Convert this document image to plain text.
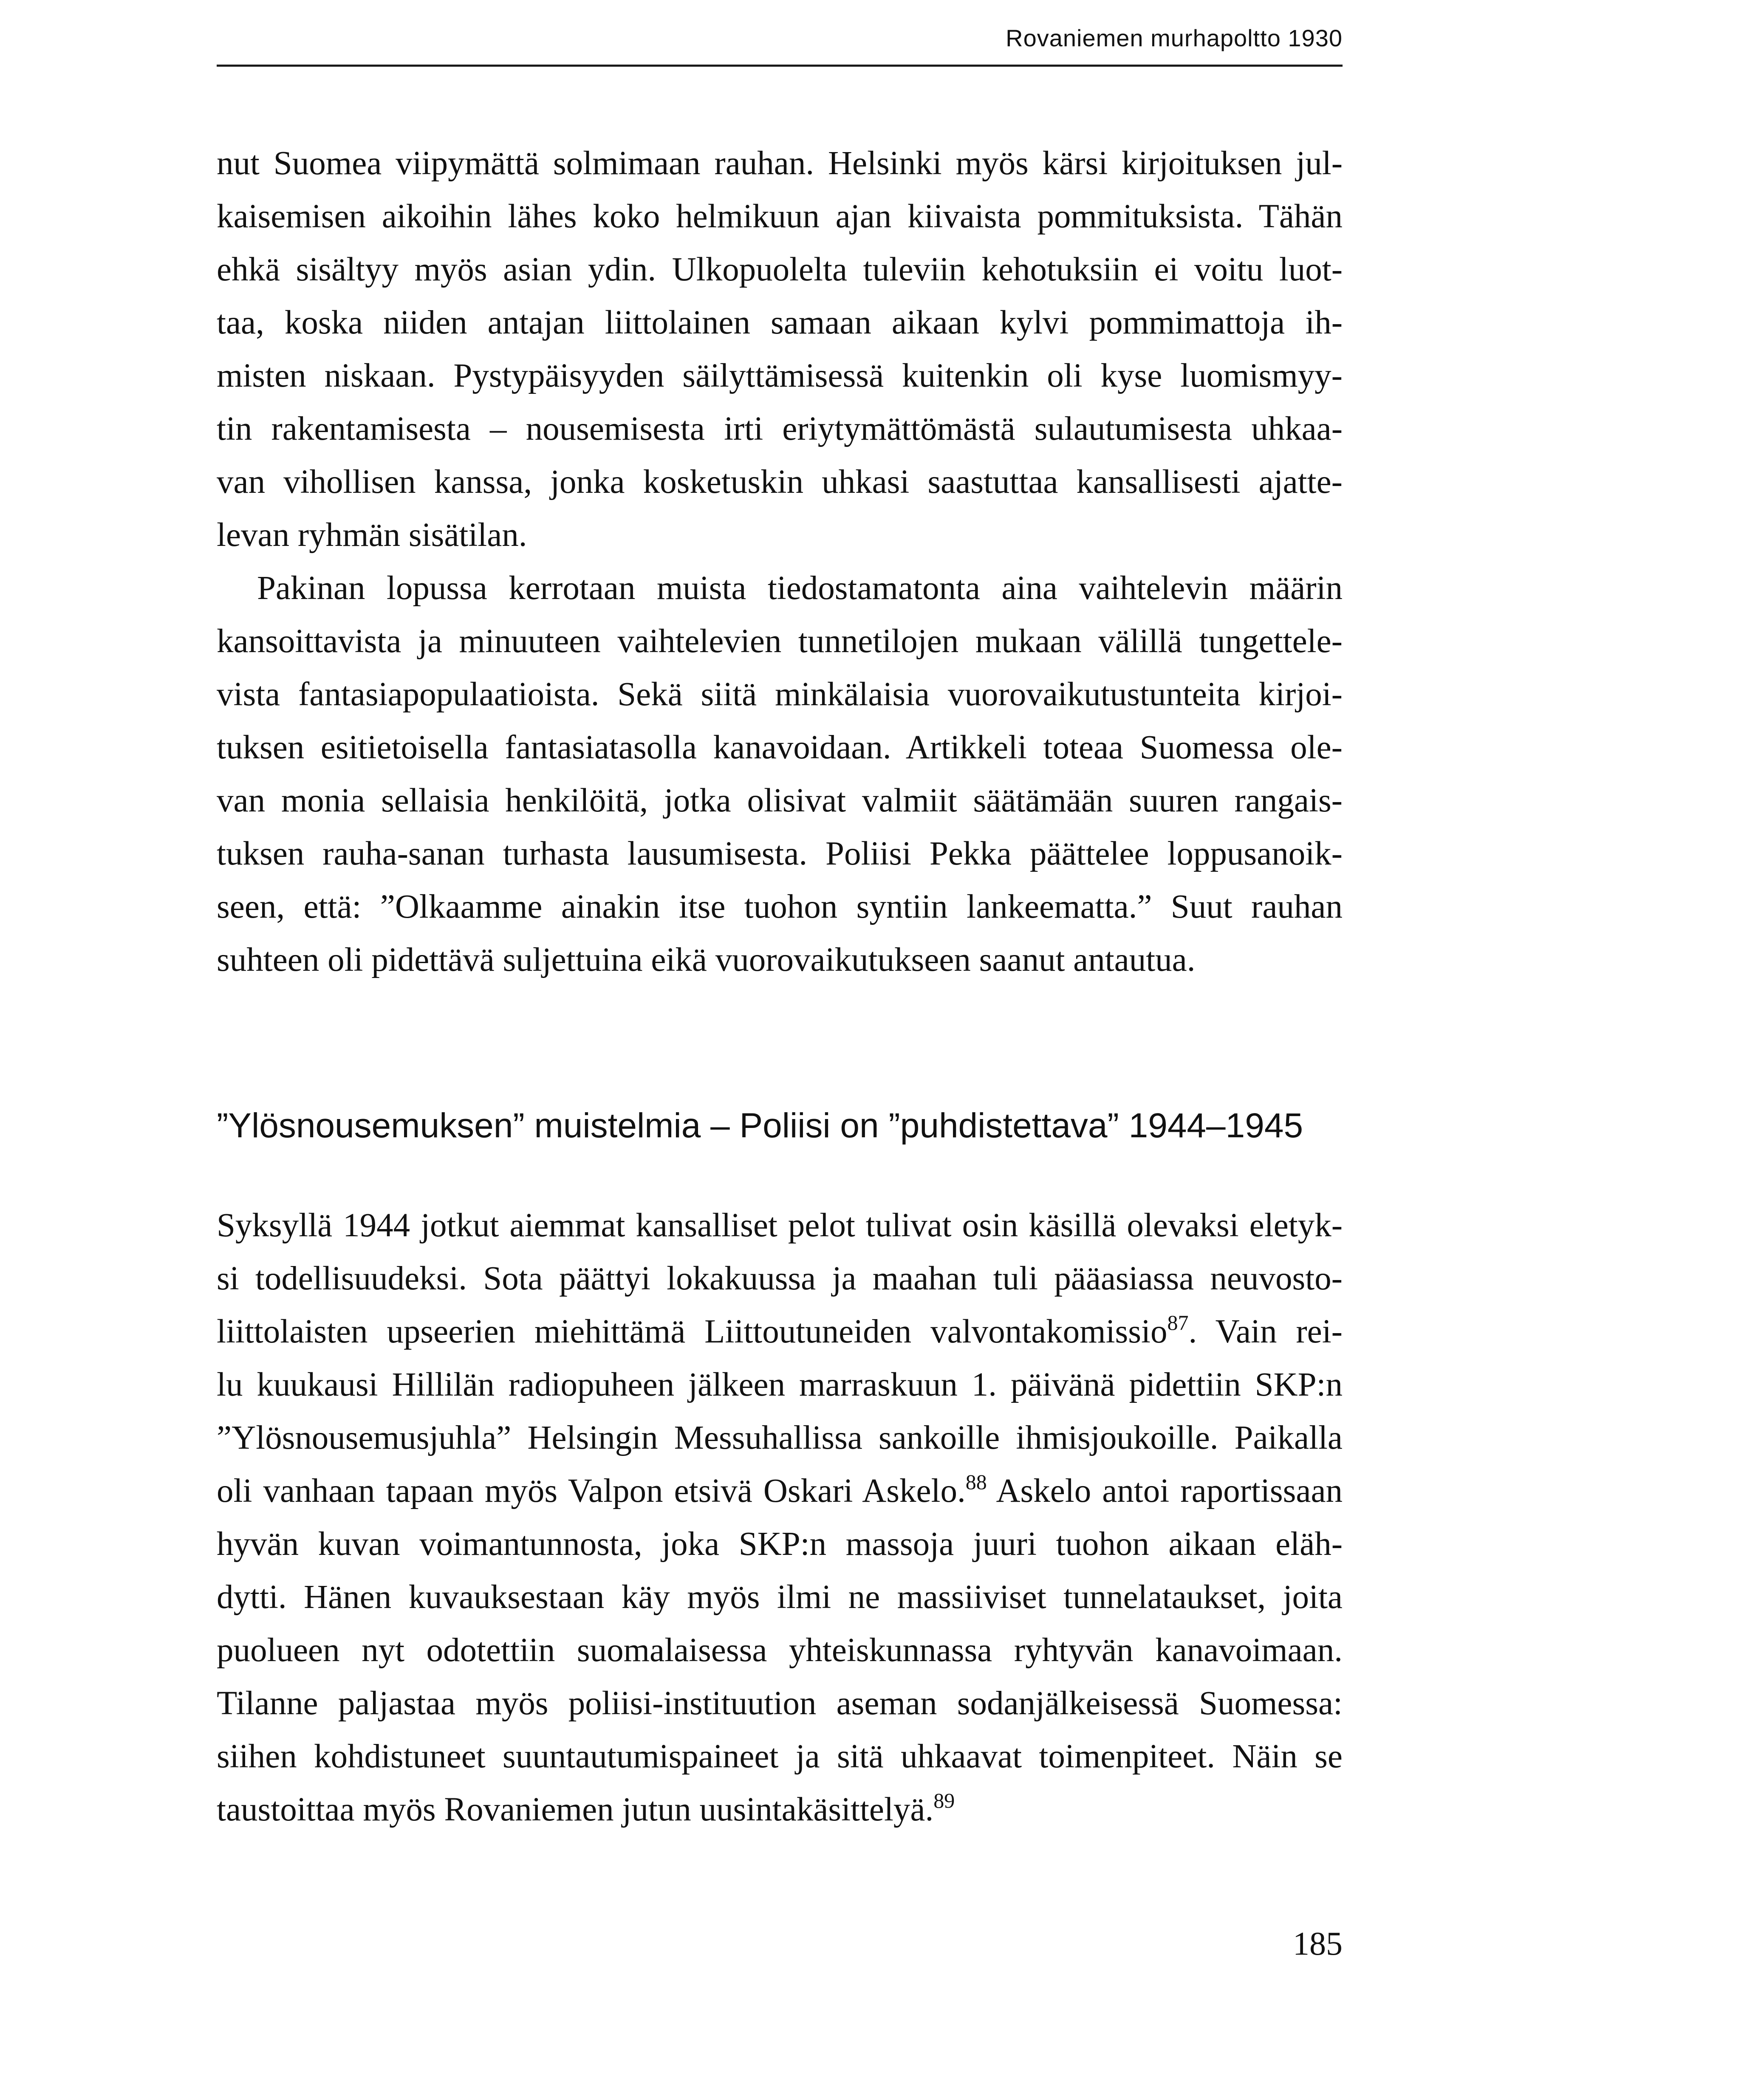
Rovaniemen murhapoltto 1930

nut Suomea viipymättä solmimaan rauhan. Helsinki myös kärsi kirjoituksen jul-
kaisemisen aikoihin lähes koko helmikuun ajan kiivaista pommituksista. Tähän
ehkä sisältyy myös asian ydin. Ulkopuolelta tuleviin kehotuksiin ei voitu luot-
taa, koska niiden antajan liittolainen samaan aikaan kylvi pommimattoja ih-
misten niskaan. Pystypäisyyden säilyttämisessä kuitenkin oli kyse luomismyy-
tin rakentamisesta – nousemisesta irti eriytymättömästä sulautumisesta uhkaa-
van vihollisen kanssa, jonka kosketuskin uhkasi saastuttaa kansallisesti ajatte-
levan ryhmän sisätilan.

Pakinan lopussa kerrotaan muista tiedostamatonta aina vaihtelevin määrin
kansoittavista ja minuuteen vaihtelevien tunnetilojen mukaan välillä tungettele-
vista fantasiapopulaatioista. Sekä siitä minkälaisia vuorovaikutustunteita kirjoi-
tuksen esitietoisella fantasiatasolla kanavoidaan. Artikkeli toteaa Suomessa ole-
van monia sellaisia henkilöitä, jotka olisivat valmiit säätämään suuren rangais-
tuksen rauha-sanan turhasta lausumisesta. Poliisi Pekka päättelee loppusanoik-
seen, että: ”Olkaamme ainakin itse tuohon syntiin lankeematta.” Suut rauhan
suhteen oli pidettävä suljettuina eikä vuorovaikutukseen saanut antautua.

”Ylösnousemuksen” muistelmia – Poliisi on ”puhdistettava” 1944–1945

Syksyllä 1944 jotkut aiemmat kansalliset pelot tulivat osin käsillä olevaksi eletyk-
si todellisuudeksi. Sota päättyi lokakuussa ja maahan tuli pääasiassa neuvosto-
liittolaisten upseerien miehittämä Liittoutuneiden valvontakomissio$^{87}$. Vain rei-
lu kuukausi Hillilän radiopuheen jälkeen marraskuun 1. päivänä pidettiin SKP:n
”Ylösnousemusjuhla” Helsingin Messuhallissa sankoille ihmisjoukoille. Paikalla
oli vanhaan tapaan myös Valpon etsivä Oskari Askelo.$^{88}$ Askelo antoi raportissaan
hyvän kuvan voimantunnosta, joka SKP:n massoja juuri tuohon aikaan eläh-
dytti. Hänen kuvauksestaan käy myös ilmi ne massiiviset tunnelataukset, joita
puolueen nyt odotettiin suomalaisessa yhteiskunnassa ryhtyvän kanavoimaan.
Tilanne paljastaa myös poliisi-instituution aseman sodanjälkeisessä Suomessa:
siihen kohdistuneet suuntautumispaineet ja sitä uhkaavat toimenpiteet. Näin se
taustoittaa myös Rovaniemen jutun uusintakäsittelyä.$^{89}$

185
